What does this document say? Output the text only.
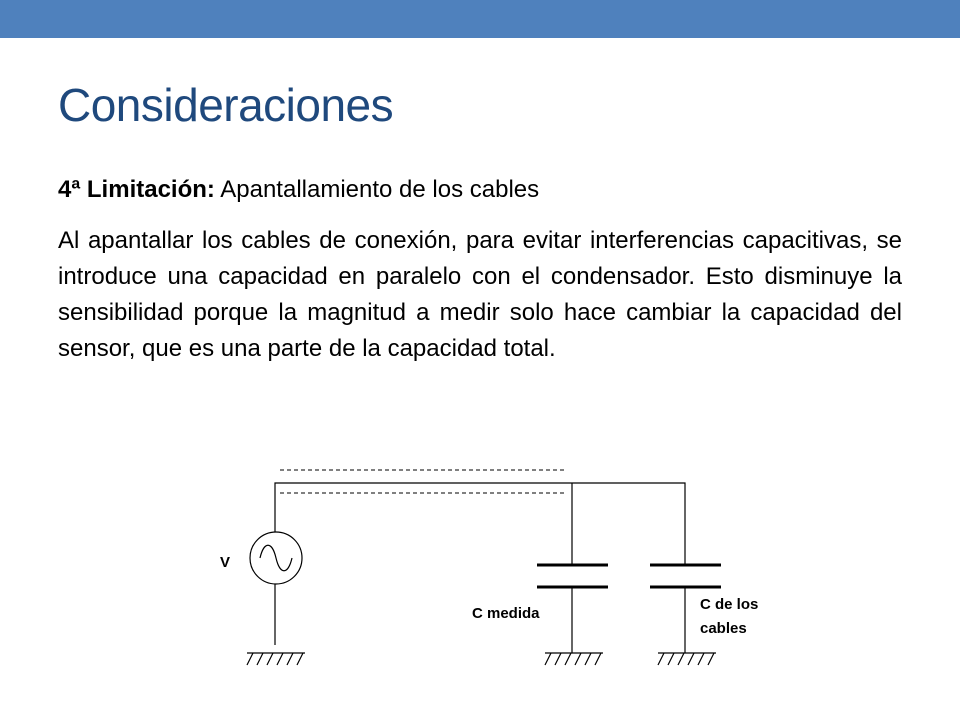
Consideraciones
4ª Limitación: Apantallamiento de los cables
Al apantallar los cables de conexión, para evitar interferencias capacitivas, se introduce una capacidad en paralelo con el condensador. Esto disminuye la sensibilidad porque la magnitud a medir solo hace cambiar la capacidad del sensor, que es una parte de la capacidad total.
V
C medida
C de los
cables
